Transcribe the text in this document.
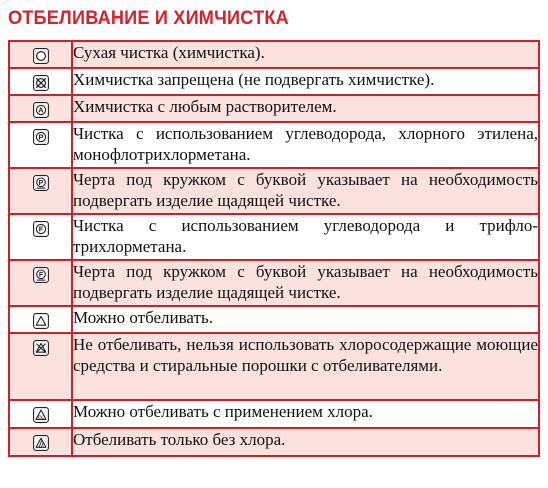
ОТБЕЛИВАНИЕ И ХИМЧИСТКА
	Сухая чистка (химчистка).

	Химчистка запрещена (не подвергать химчистке).

A	Химчистка с любым растворителем.

P	Чистка с использованием углеводорода, хлорного этилена, монофлотрихлорметана.

P	Черта под кружком с буквой указывает на необходимость подвергать изделие щадящей чистке.

F	Чистка с использованием углеводорода и трифлотрихлорметана.

F	Черта под кружком с буквой указывает на необходимость подвергать изделие щадящей чистке.

	Можно отбеливать.

	Не отбеливать, нельзя использовать хлоросодержащие моющие средства и стиральные порошки с отбеливателями.

CL	Можно отбеливать с применением хлора.

	Отбеливать только без хлора.
